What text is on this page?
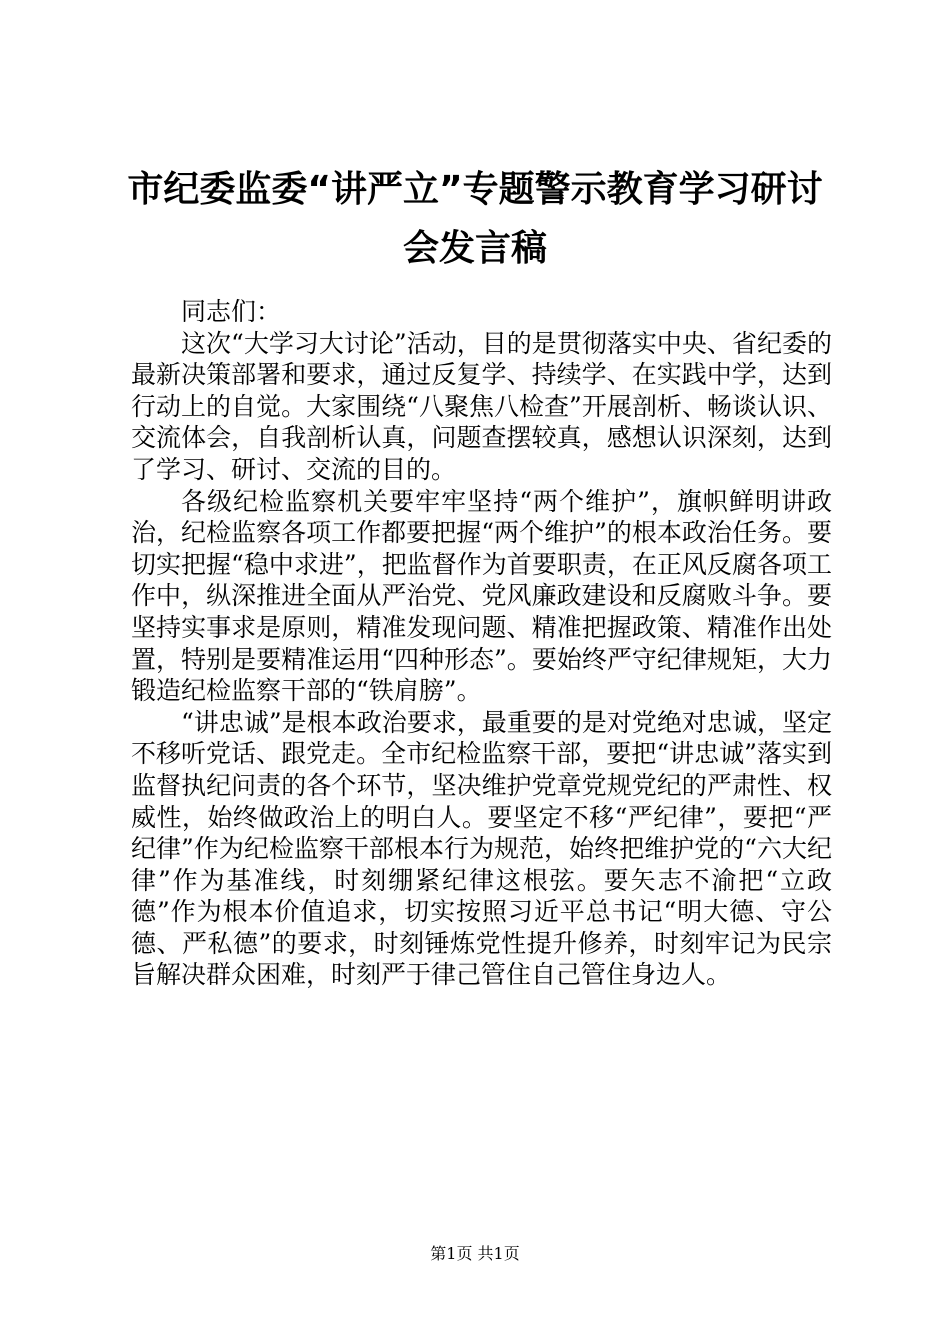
市纪委监委“讲严立”专题警示教育学习研讨
会发言稿

同志们：

这次“大学习大讨论”活动，目的是贯彻落实中央、省纪委的最新决策部署和要求，通过反复学、持续学、在实践中学，达到行动上的自觉。大家围绕“八聚焦八检查”开展剖析、畅谈认识、交流体会，自我剖析认真，问题查摆较真，感想认识深刻，达到了学习、研讨、交流的目的。

各级纪检监察机关要牢牢坚持“两个维护”，旗帜鲜明讲政治，纪检监察各项工作都要把握“两个维护”的根本政治任务。要切实把握“稳中求进”，把监督作为首要职责，在正风反腐各项工作中，纵深推进全面从严治党、党风廉政建设和反腐败斗争。要坚持实事求是原则，精准发现问题、精准把握政策、精准作出处置，特别是要精准运用“四种形态”。要始终严守纪律规矩，大力锻造纪检监察干部的“铁肩膀”。

“讲忠诚”是根本政治要求，最重要的是对党绝对忠诚，坚定不移听党话、跟党走。全市纪检监察干部，要把“讲忠诚”落实到监督执纪问责的各个环节，坚决维护党章党规党纪的严肃性、权威性，始终做政治上的明白人。要坚定不移“严纪律”，要把“严纪律”作为纪检监察干部根本行为规范，始终把维护党的“六大纪律”作为基准线，时刻绷紧纪律这根弦。要矢志不渝把“立政德”作为根本价值追求，切实按照习近平总书记“明大德、守公德、严私德”的要求，时刻锤炼党性提升修养，时刻牢记为民宗旨解决群众困难，时刻严于律己管住自己管住身边人。

第1页 共1页
